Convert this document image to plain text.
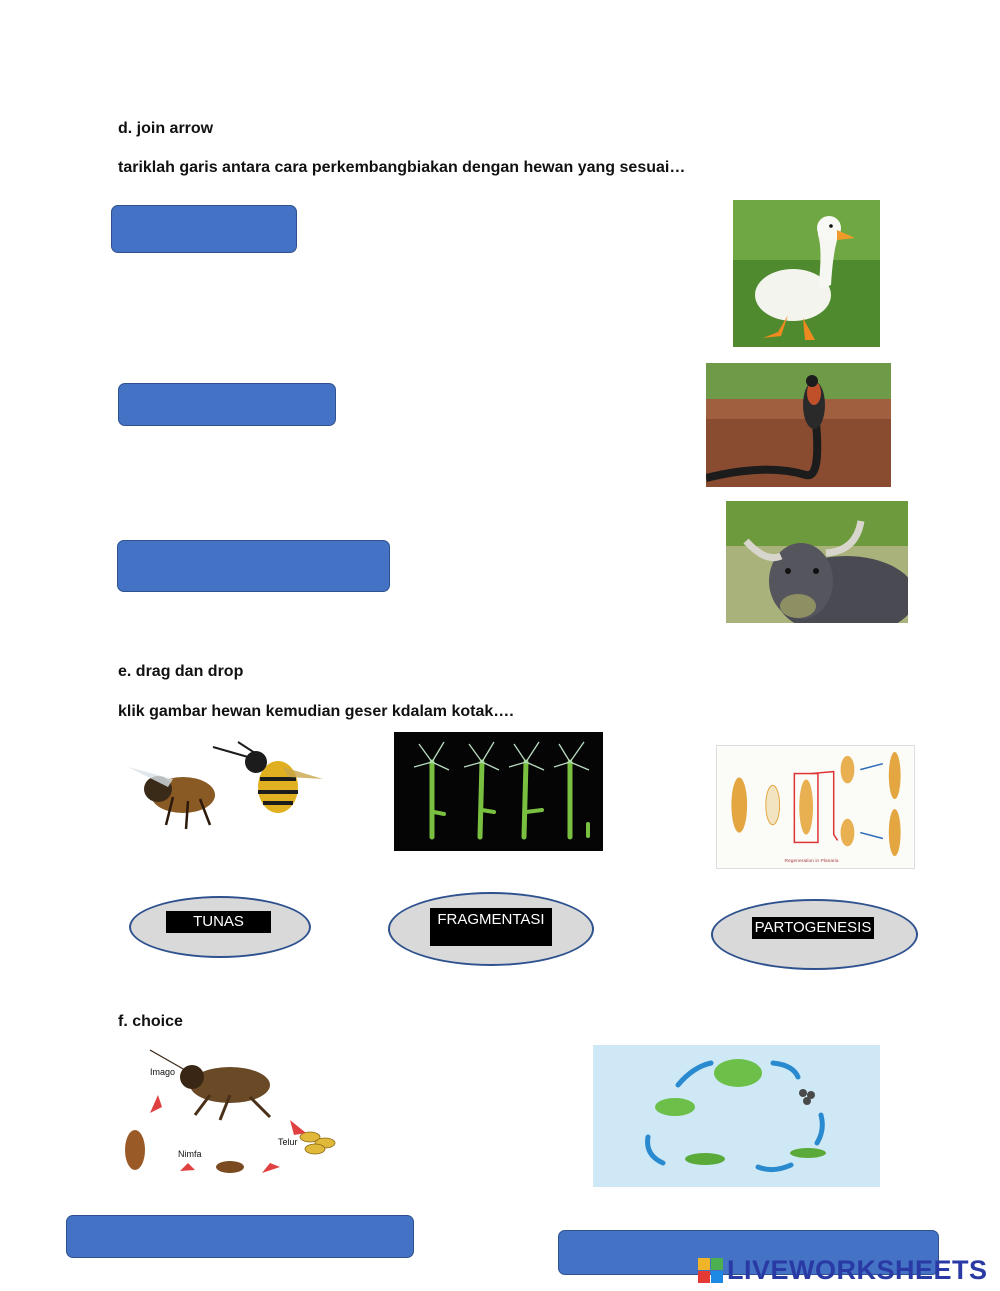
d. join arrow
tariklah garis antara cara perkembangbiakan dengan hewan yang sesuai…
e. drag dan drop
klik gambar hewan kemudian geser kdalam kotak….
Regeneration in Planaria
TUNAS	FRAGMENTASI	PARTOGENESIS
f. choice
Imago
Telur
Nimfa
LIVEWORKSHEETS
